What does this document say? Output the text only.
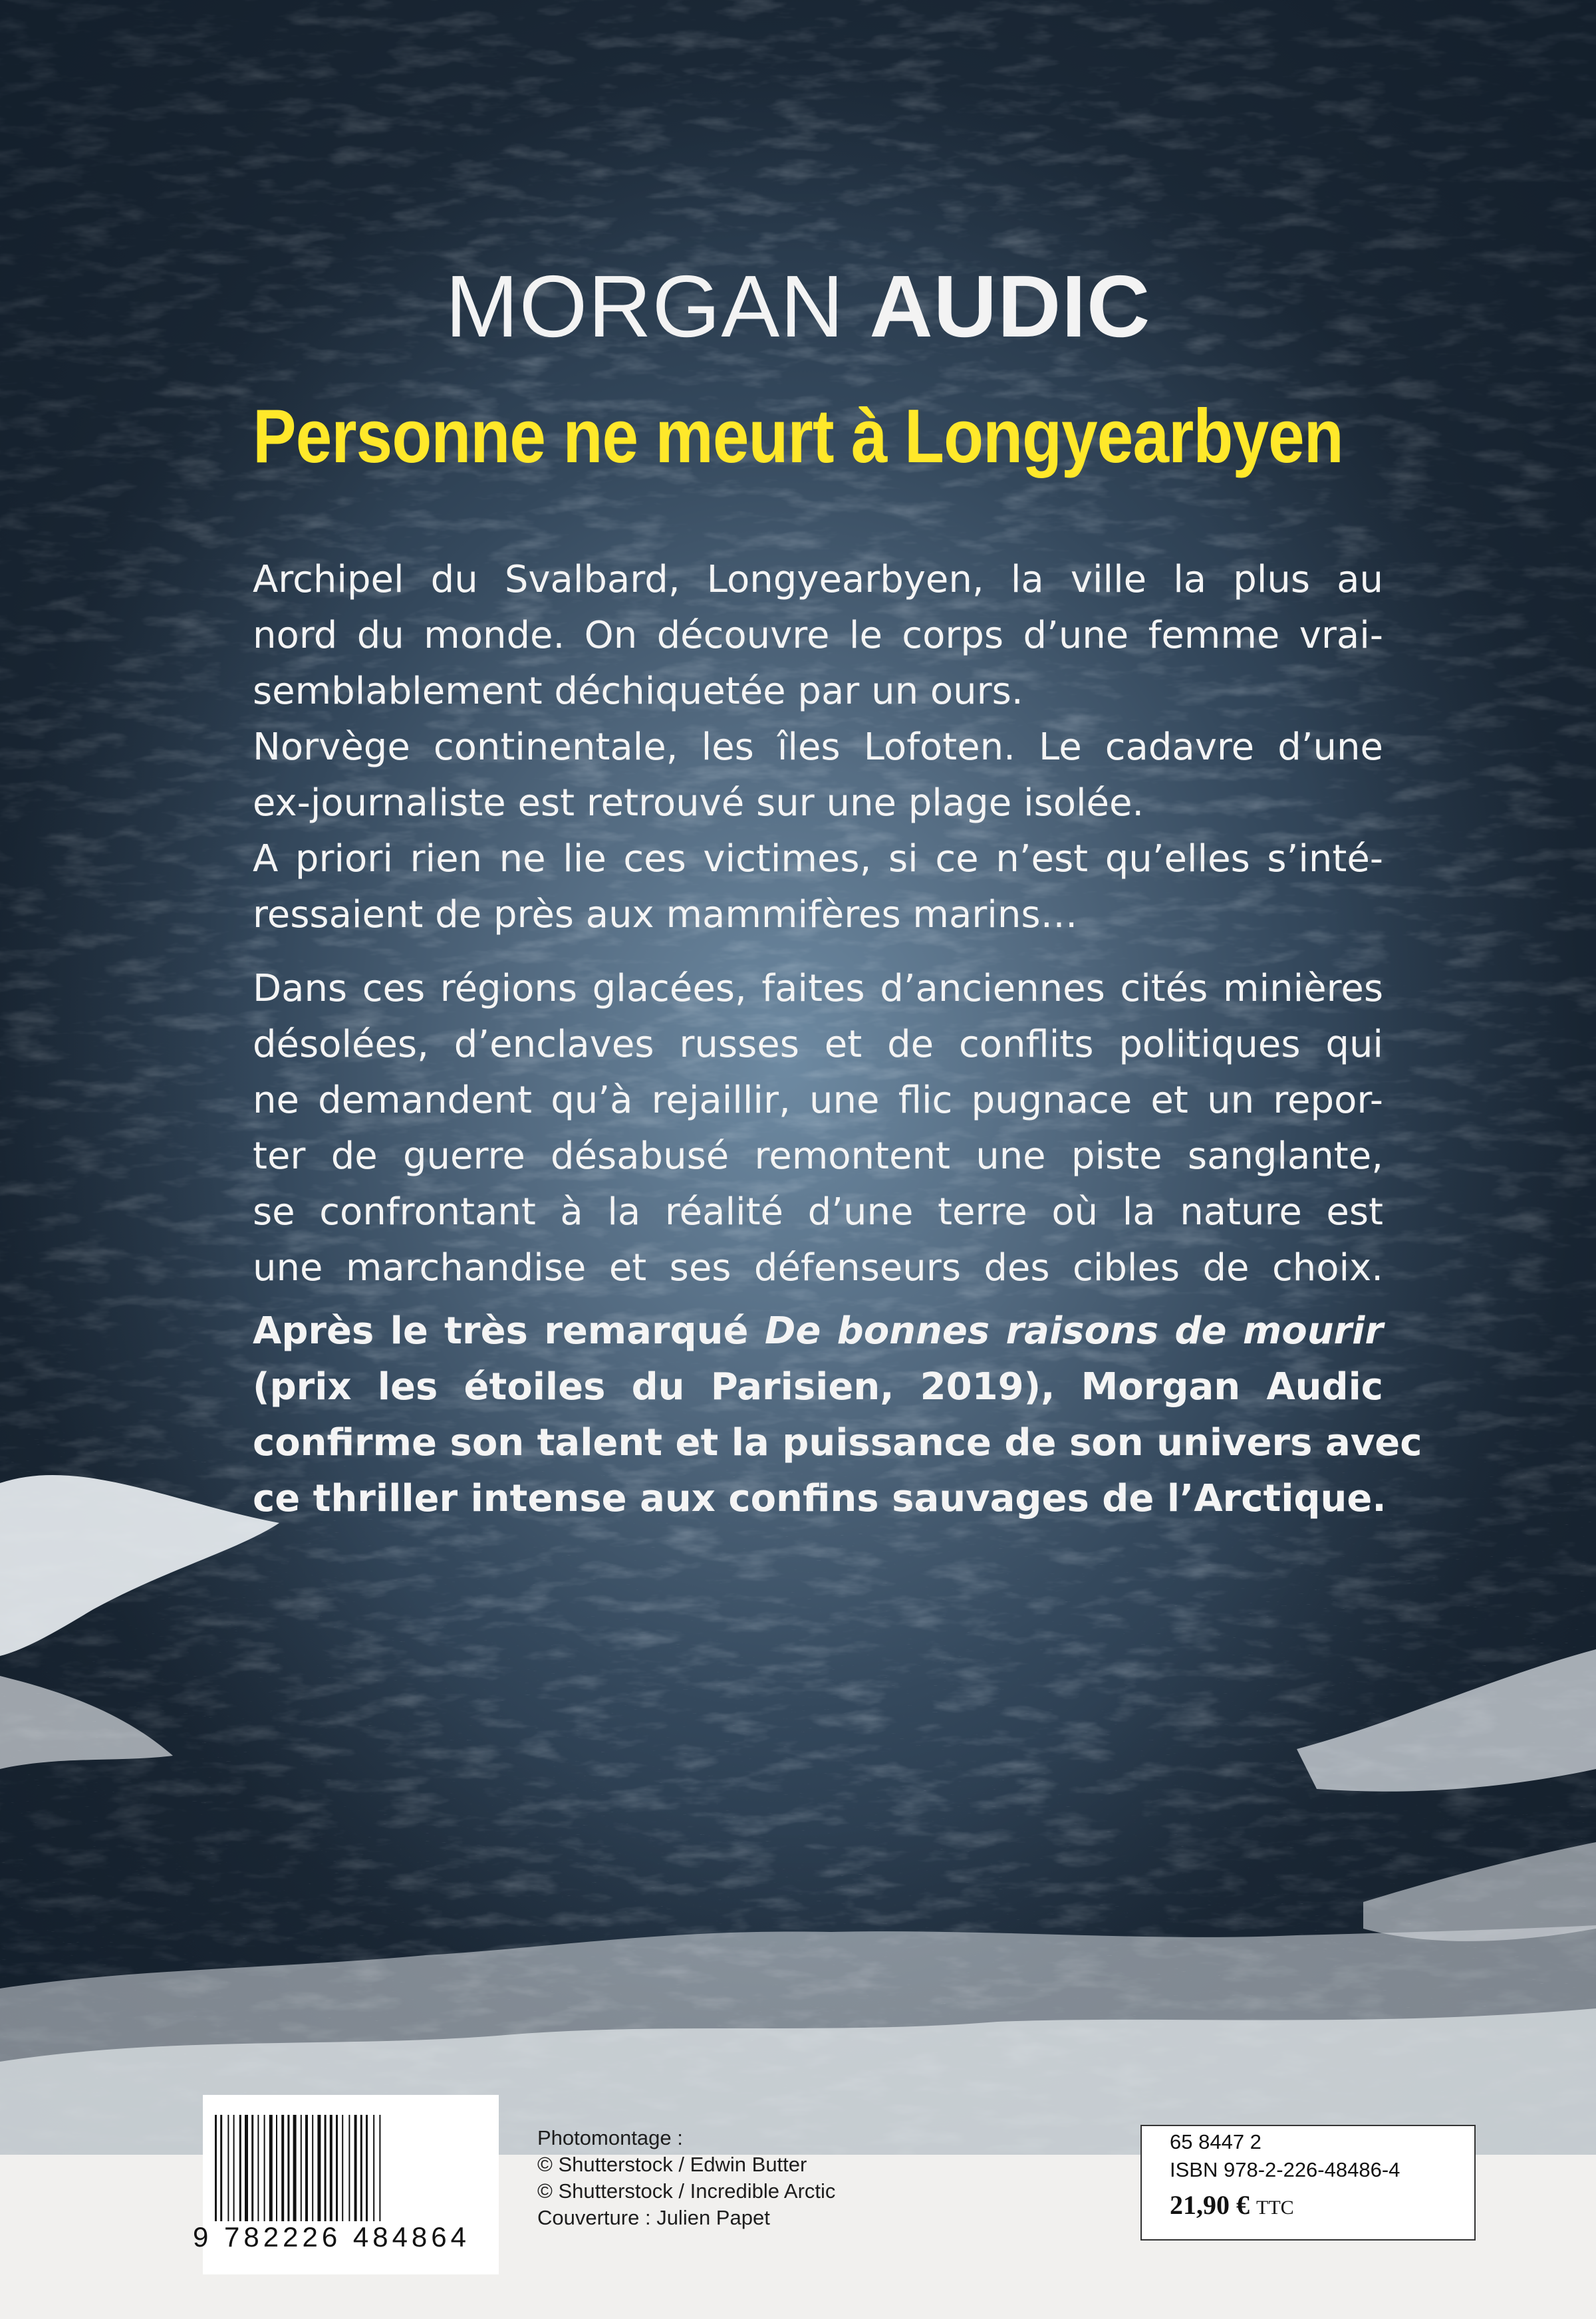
MORGAN AUDIC
Personne ne meurt à Longyearbyen
Archipel du Svalbard, Longyearbyen, la ville la plus au
nord du monde. On découvre le corps d’une femme vrai-
semblablement déchiquetée par un ours.
Norvège continentale, les îles Lofoten. Le cadavre d’une
ex-journaliste est retrouvé sur une plage isolée.
A priori rien ne lie ces victimes, si ce n’est qu’elles s’inté-
ressaient de près aux mammifères marins…
Dans ces régions glacées, faites d’anciennes cités minières
désolées, d’enclaves russes et de conflits politiques qui
ne demandent qu’à rejaillir, une flic pugnace et un repor-
ter de guerre désabusé remontent une piste sanglante,
se confrontant à la réalité d’une terre où la nature est
une marchandise et ses défenseurs des cibles de choix.
Après le très remarqué De bonnes raisons de mourir
(prix les étoiles du Parisien, 2019), Morgan Audic
confirme son talent et la puissance de son univers avec
ce thriller intense aux confins sauvages de l’Arctique.
9 782226 484864
Photomontage :
© Shutterstock / Edwin Butter
© Shutterstock / Incredible Arctic
Couverture : Julien Papet
65 8447 2
ISBN 978-2-226-48486-4
21,90 € TTC
